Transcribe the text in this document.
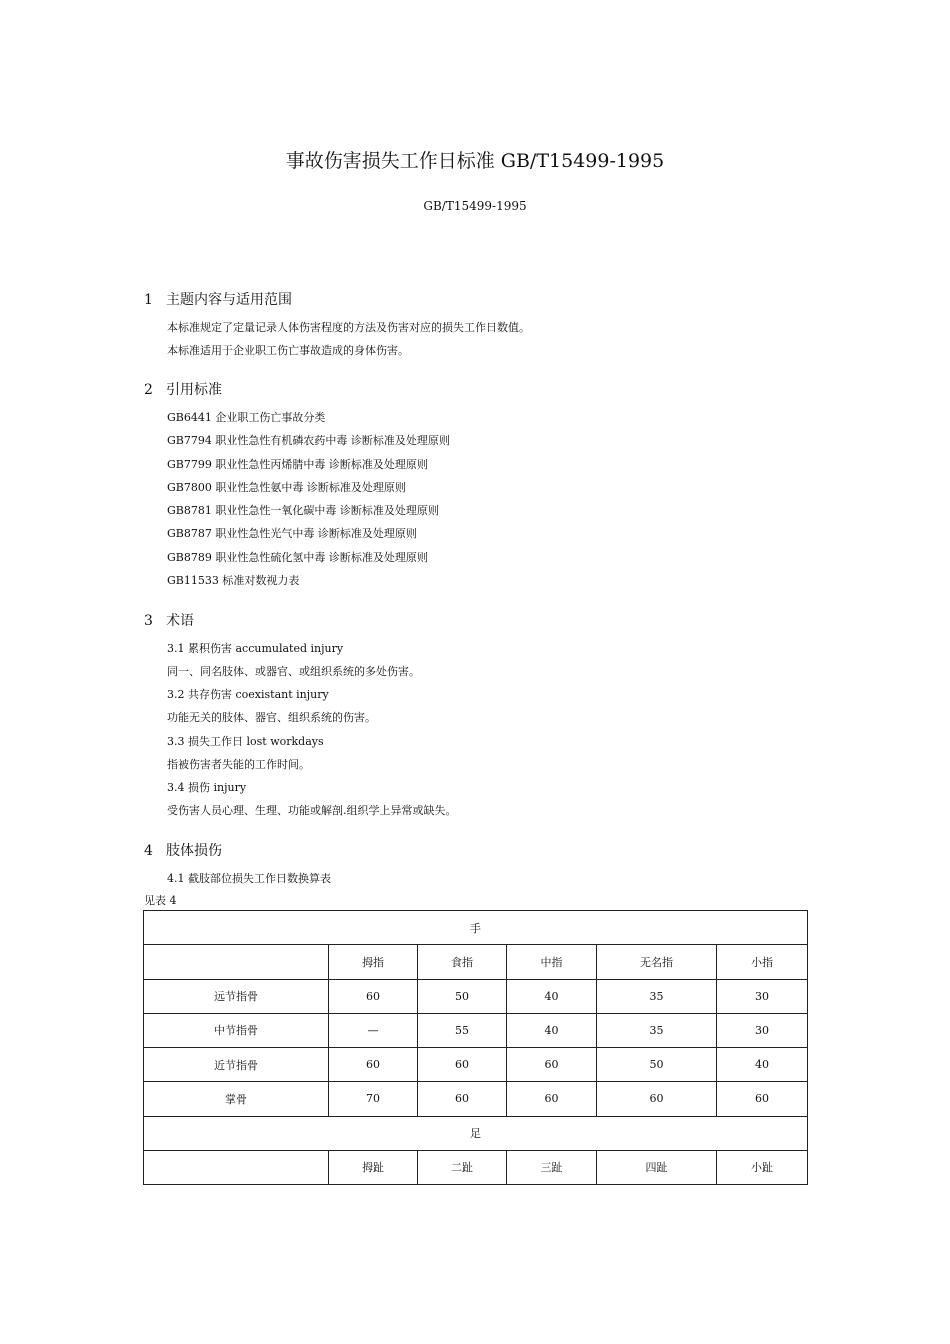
事故伤害损失工作日标准 GB/T15499-1995
GB/T15499-1995
1 主题内容与适用范围
本标准规定了定量记录人体伤害程度的方法及伤害对应的损失工作日数值。
本标准适用于企业职工伤亡事故造成的身体伤害。
2 引用标准
GB6441 企业职工伤亡事故分类
GB7794 职业性急性有机磷农药中毒 诊断标准及处理原则
GB7799 职业性急性丙烯腈中毒 诊断标准及处理原则
GB7800 职业性急性氨中毒 诊断标准及处理原则
GB8781 职业性急性一氧化碳中毒 诊断标准及处理原则
GB8787 职业性急性光气中毒 诊断标准及处理原则
GB8789 职业性急性硫化氢中毒 诊断标准及处理原则
GB11533 标准对数视力表
3 术语
3.1 累积伤害 accumulated injury
同一、同名肢体、或器官、或组织系统的多处伤害。
3.2 共存伤害 coexistant injury
功能无关的肢体、器官、组织系统的伤害。
3.3 损失工作日 lost workdays
指被伤害者失能的工作时间。
3.4 损伤 injury
受伤害人员心理、生理、功能或解剖.组织学上异常或缺失。
4 肢体损伤
4.1 截肢部位损失工作日数换算表
见表 4
手					
	拇指	食指	中指	无名指	小指
远节指骨	60	50	40	35	30
中节指骨	—	55	40	35	30
近节指骨	60	60	60	50	40
掌骨	70	60	60	60	60
足					
	拇趾	二趾	三趾	四趾	小趾
